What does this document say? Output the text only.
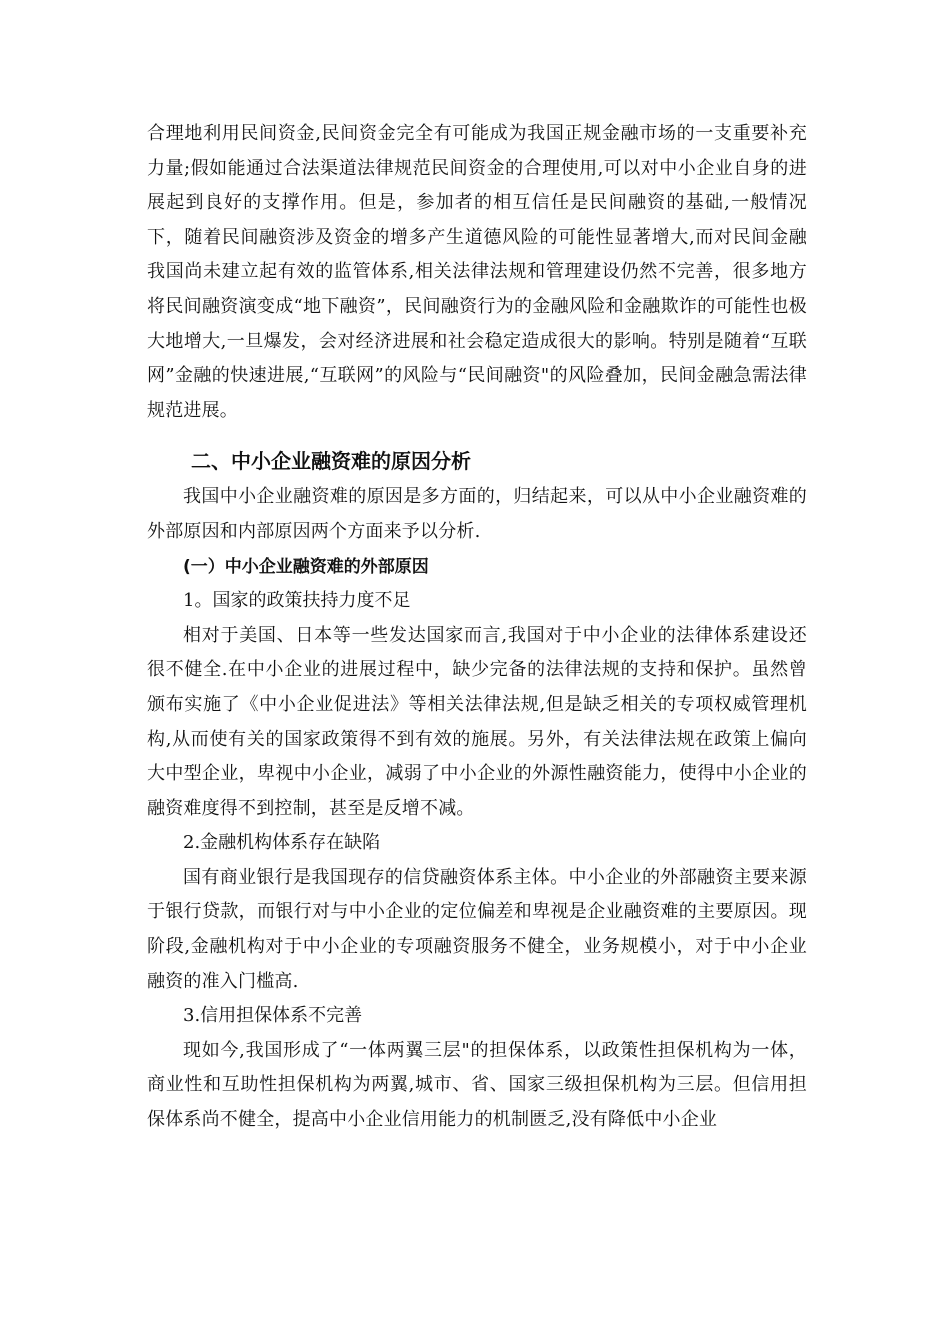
合理地利用民间资金,民间资金完全有可能成为我国正规金融市场的一支重要补充力量;假如能通过合法渠道法律规范民间资金的合理使用,可以对中小企业自身的进展起到良好的支撑作用。但是，参加者的相互信任是民间融资的基础,一般情况下，随着民间融资涉及资金的增多产生道德风险的可能性显著增大,而对民间金融我国尚未建立起有效的监管体系,相关法律法规和管理建设仍然不完善，很多地方将民间融资演变成“地下融资”，民间融资行为的金融风险和金融欺诈的可能性也极大地增大,一旦爆发，会对经济进展和社会稳定造成很大的影响。特别是随着“互联网”金融的快速进展,“互联网”的风险与“民间融资"的风险叠加，民间金融急需法律规范进展。

二、中小企业融资难的原因分析

我国中小企业融资难的原因是多方面的，归结起来，可以从中小企业融资难的外部原因和内部原因两个方面来予以分析.

(一）中小企业融资难的外部原因
1。国家的政策扶持力度不足

相对于美国、日本等一些发达国家而言,我国对于中小企业的法律体系建设还很不健全.在中小企业的进展过程中，缺少完备的法律法规的支持和保护。虽然曾颁布实施了《中小企业促进法》等相关法律法规,但是缺乏相关的专项权威管理机构,从而使有关的国家政策得不到有效的施展。另外，有关法律法规在政策上偏向大中型企业，卑视中小企业，减弱了中小企业的外源性融资能力，使得中小企业的融资难度得不到控制，甚至是反增不减。

2.金融机构体系存在缺陷

国有商业银行是我国现存的信贷融资体系主体。中小企业的外部融资主要来源于银行贷款，而银行对与中小企业的定位偏差和卑视是企业融资难的主要原因。现阶段,金融机构对于中小企业的专项融资服务不健全，业务规模小，对于中小企业融资的准入门槛高.

3.信用担保体系不完善

现如今,我国形成了“一体两翼三层"的担保体系，以政策性担保机构为一体，商业性和互助性担保机构为两翼,城市、省、国家三级担保机构为三层。但信用担保体系尚不健全，提高中小企业信用能力的机制匮乏,没有降低中小企业
